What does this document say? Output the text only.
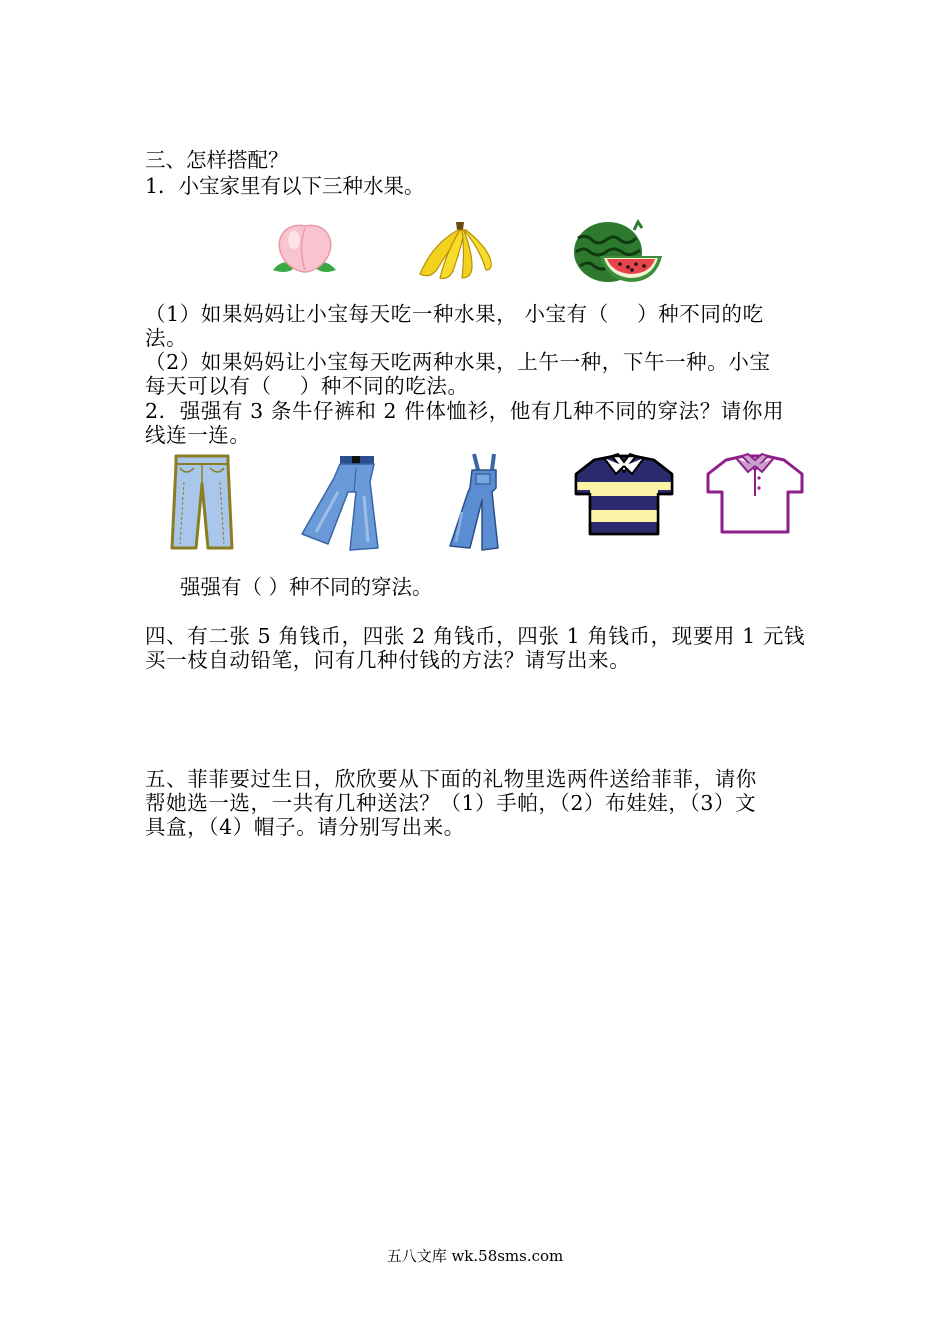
三、怎样搭配？
1．小宝家里有以下三种水果。
（1）如果妈妈让小宝每天吃一种水果， 小宝有（　 ）种不同的吃
法。
（2）如果妈妈让小宝每天吃两种水果，上午一种，下午一种。小宝
每天可以有（　 ）种不同的吃法。
2．强强有 3 条牛仔裤和 2 件体恤衫，他有几种不同的穿法？请你用
线连一连。
强强有（ ）种不同的穿法。
四、有二张 5 角钱币，四张 2 角钱币，四张 1 角钱币，现要用 1 元钱
买一枝自动铅笔，问有几种付钱的方法？请写出来。
五、菲菲要过生日，欣欣要从下面的礼物里选两件送给菲菲，请你
帮她选一选，一共有几种送法？（1）手帕，（2）布娃娃，（3）文
具盒，（4）帽子。请分别写出来。
五八文库 wk.58sms.com
